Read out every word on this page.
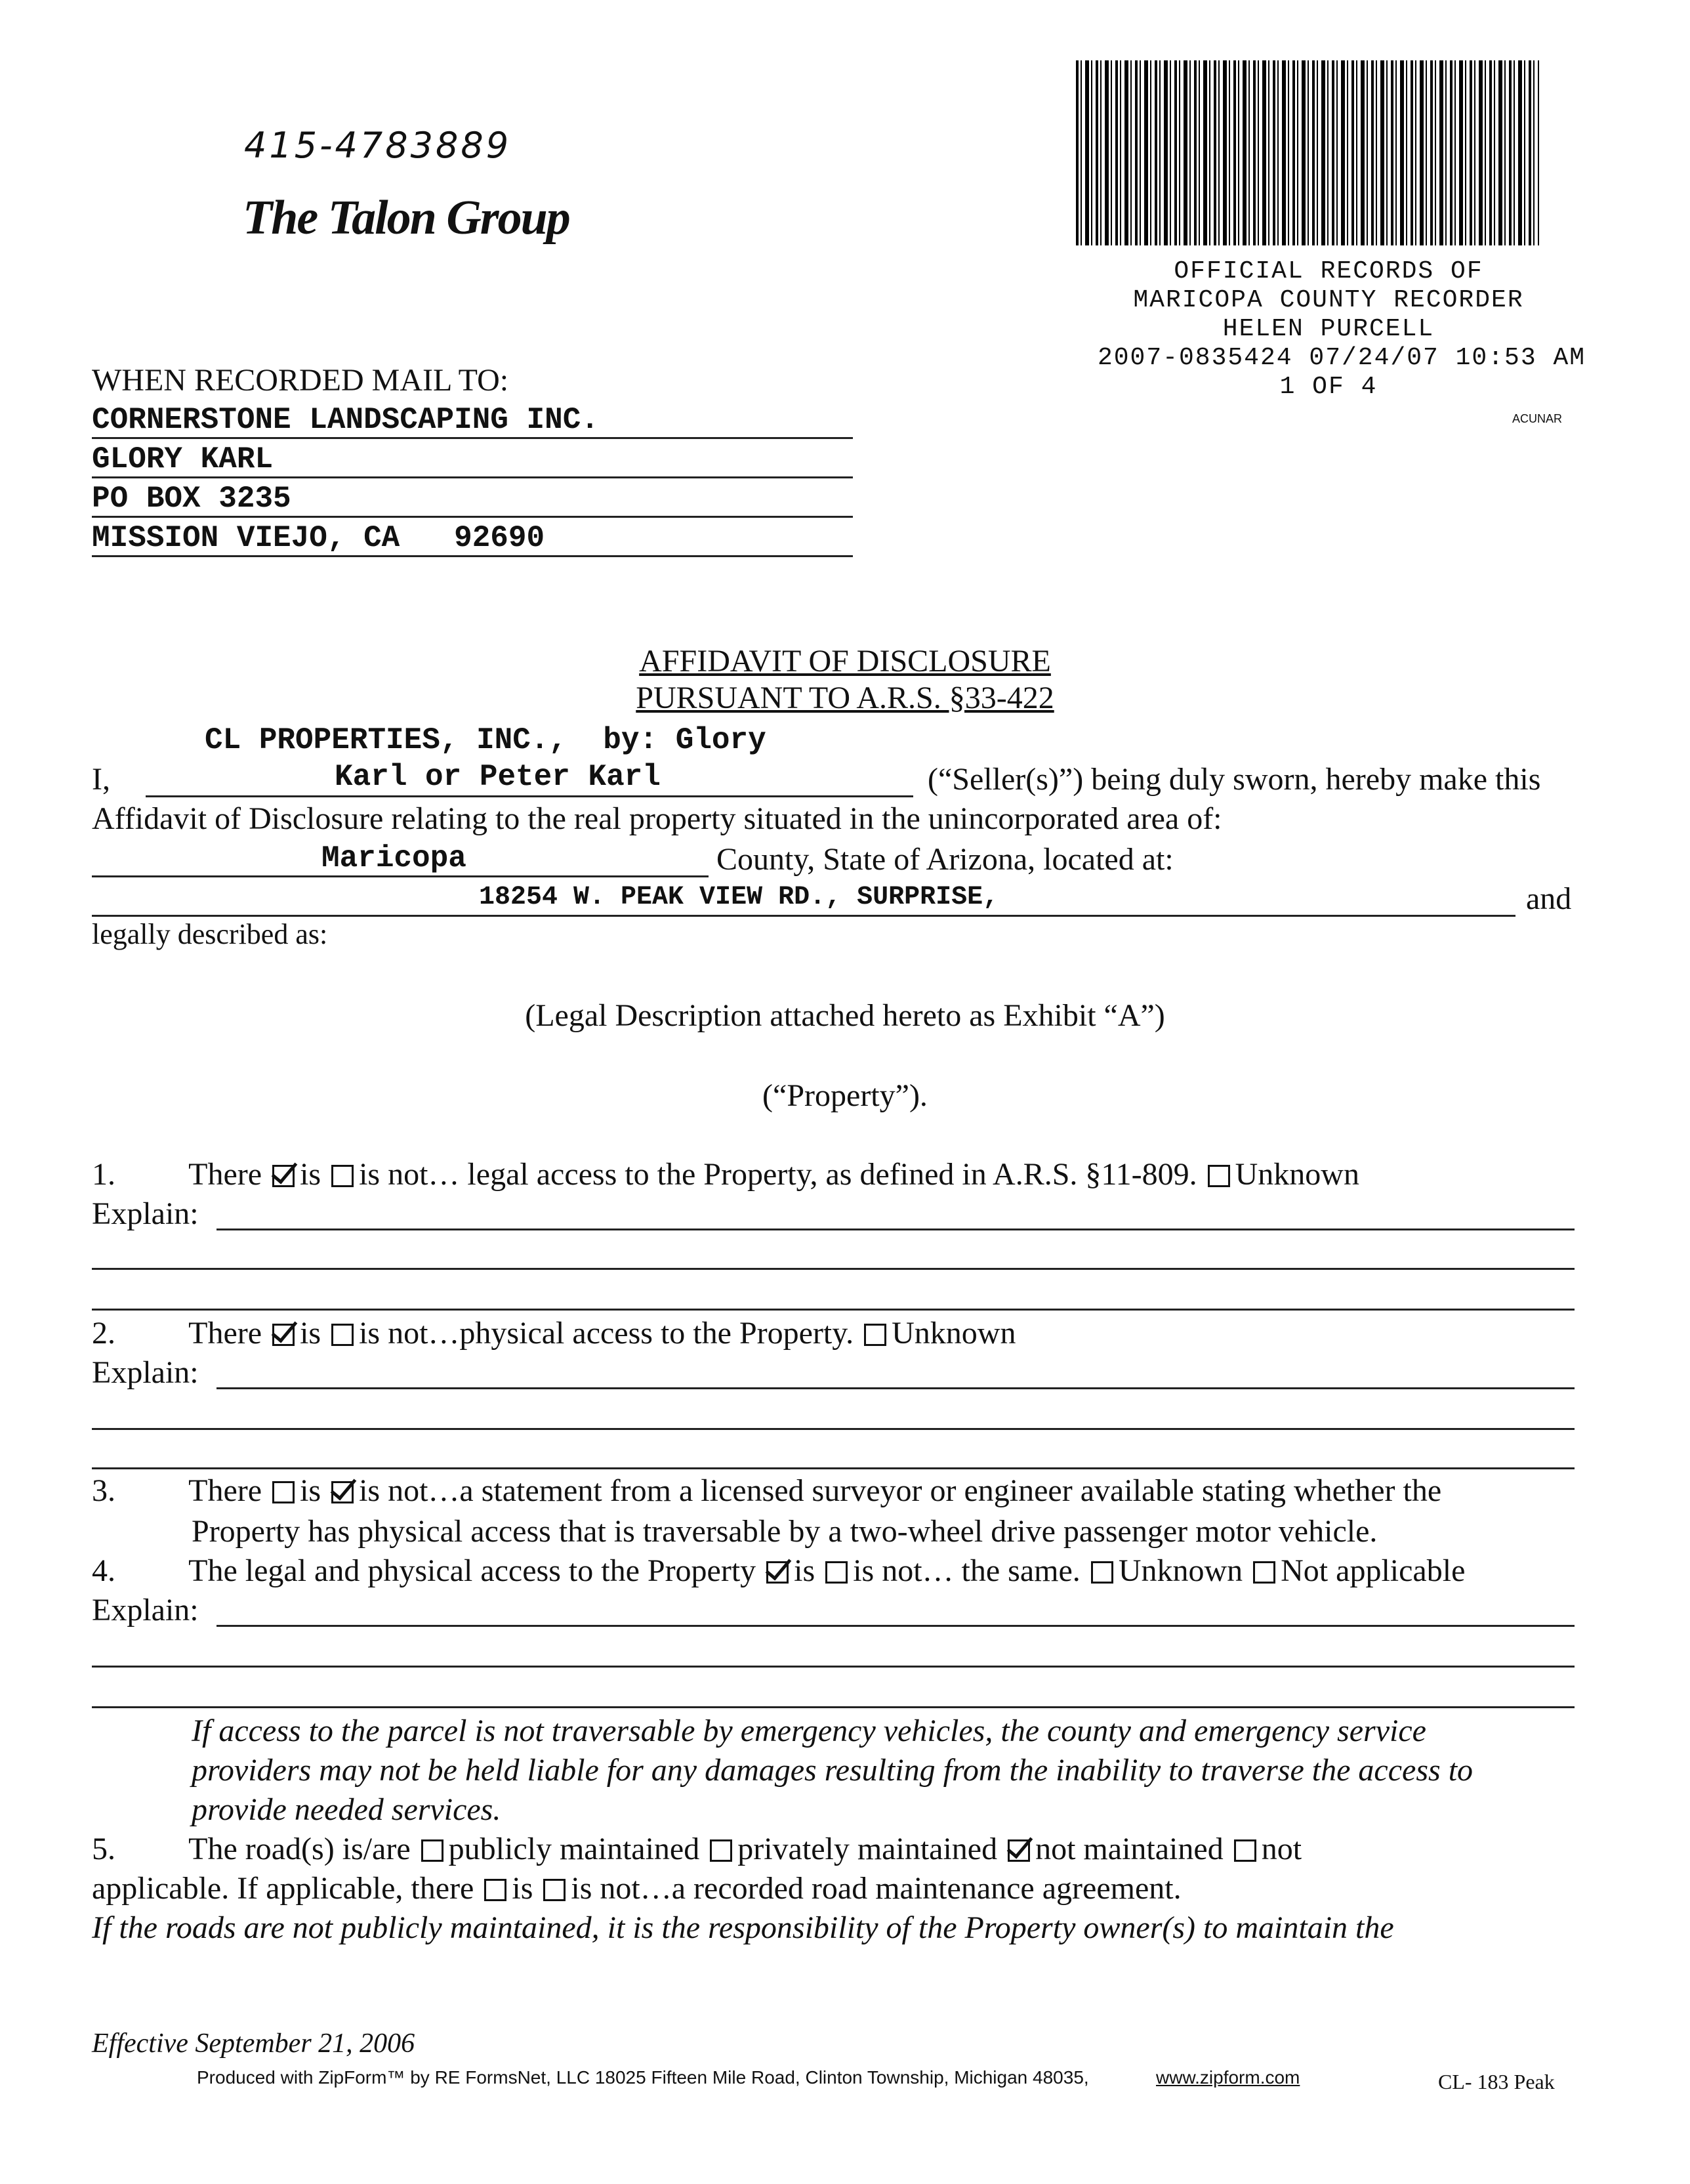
415-4783889
The Talon Group
OFFICIAL RECORDS OF
MARICOPA COUNTY RECORDER
HELEN PURCELL
2007-0835424 07/24/07 10:53 AM
1 OF 4
ACUNAR
WHEN RECORDED MAIL TO:
CORNERSTONE LANDSCAPING INC.
GLORY KARL
PO BOX 3235
MISSION VIEJO, CA   92690
AFFIDAVIT OF DISCLOSURE
PURSUANT TO A.R.S. §33-422
CL PROPERTIES, INC.,  by: Glory
I,	Karl or Peter Karl	(“Seller(s)”) being duly sworn, hereby make this
Affidavit of Disclosure relating to the real property situated in the unincorporated area of:
Maricopa	County, State of Arizona, located at:
18254 W. PEAK VIEW RD., SURPRISE,	and
legally described as:
(Legal Description attached hereto as Exhibit “A”)
(“Property”).
1. There is is not… legal access to the Property, as defined in A.R.S. §11-809. Unknown
Explain:
2. There is is not…physical access to the Property. Unknown
Explain:
3. There is is not…a statement from a licensed surveyor or engineer available stating whether the
Property has physical access that is traversable by a two-wheel drive passenger motor vehicle.
4. The legal and physical access to the Property is is not… the same. Unknown Not applicable
Explain:
If access to the parcel is not traversable by emergency vehicles, the county and emergency service
providers may not be held liable for any damages resulting from the inability to traverse the access to
provide needed services.
5. The road(s) is/are publicly maintained privately maintained not maintained not
applicable. If applicable, there is is not…a recorded road maintenance agreement.
If the roads are not publicly maintained, it is the responsibility of the Property owner(s) to maintain the
Effective September 21, 2006
Produced with ZipForm™ by RE FormsNet, LLC 18025 Fifteen Mile Road, Clinton Township, Michigan 48035,	www.zipform.com	CL- 183 Peak
